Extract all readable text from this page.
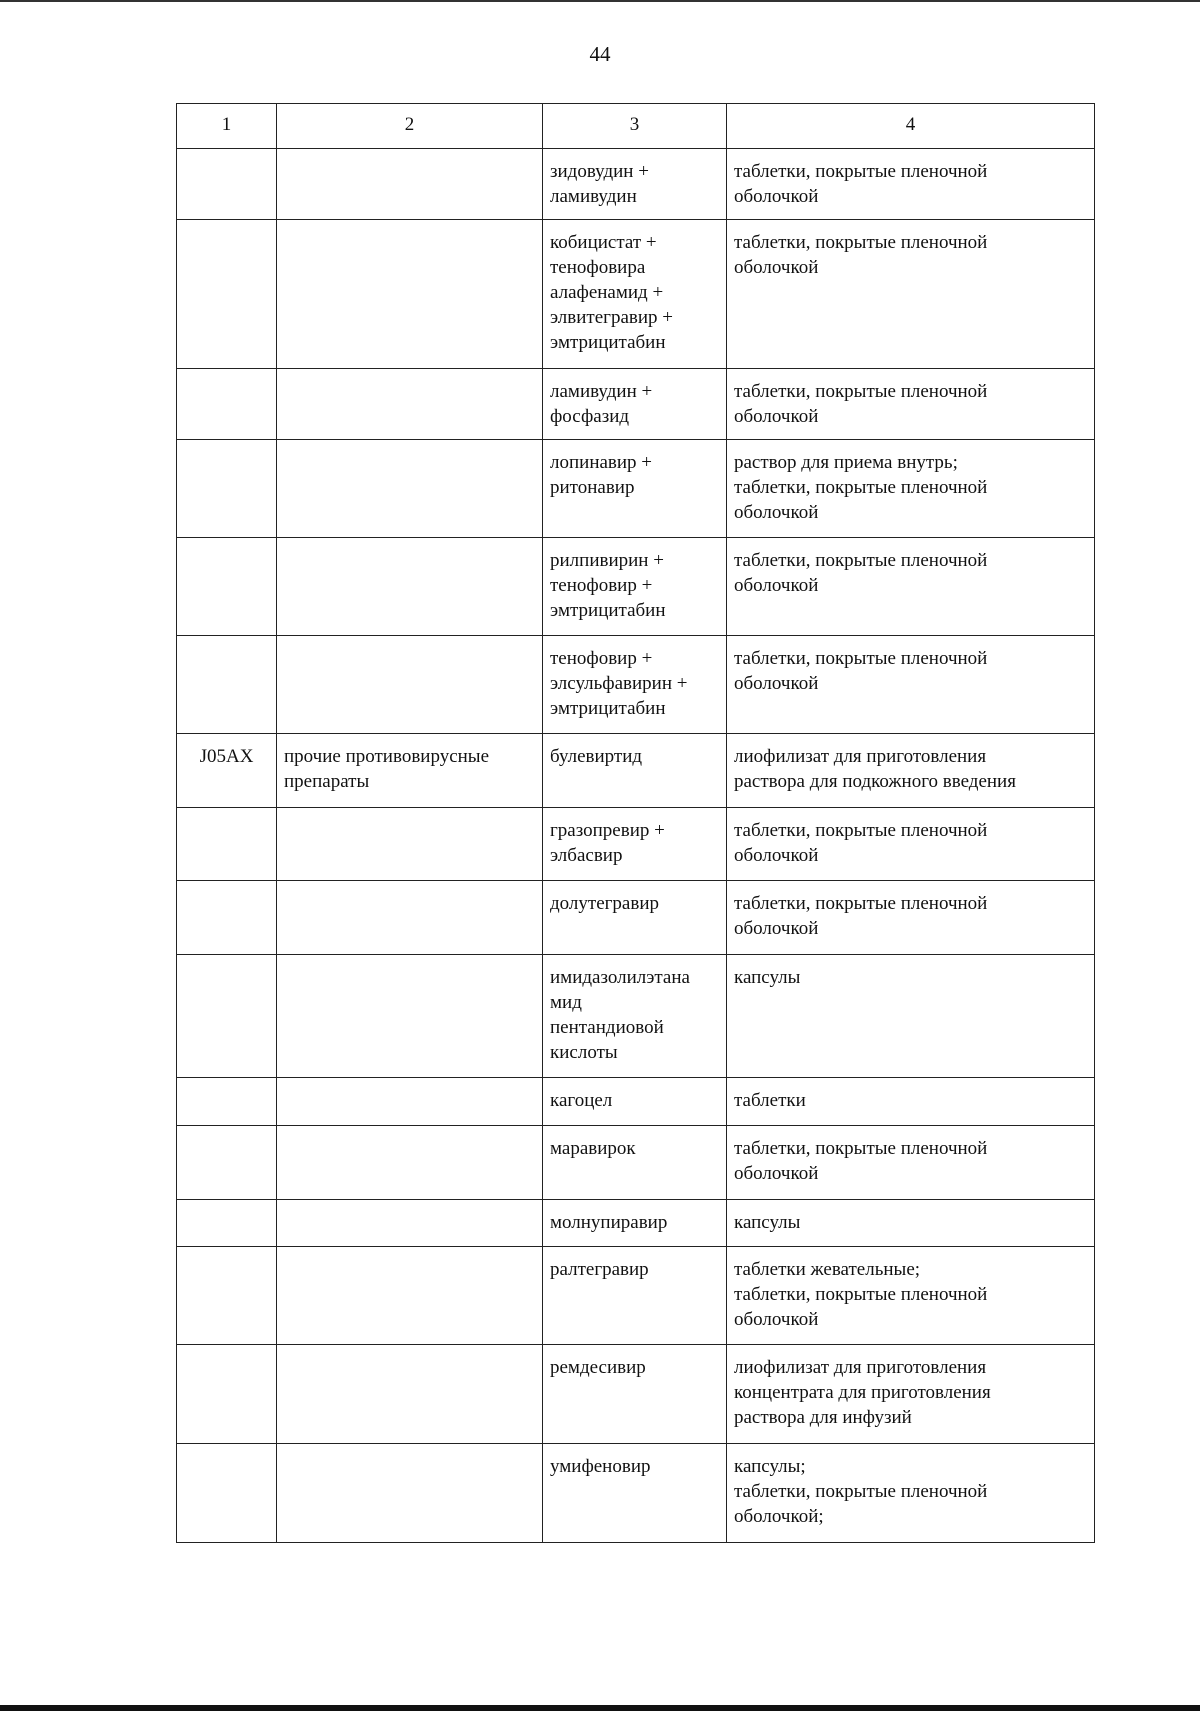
44
1	2	3	4
		зидовудин +
ламивудин	таблетки, покрытые пленочной
оболочкой
		кобицистат +
тенофовира
алафенамид +
элвитегравир +
эмтрицитабин	таблетки, покрытые пленочной
оболочкой
		ламивудин +
фосфазид	таблетки, покрытые пленочной
оболочкой
		лопинавир +
ритонавир	раствор для приема внутрь;
таблетки, покрытые пленочной
оболочкой
		рилпивирин +
тенофовир +
эмтрицитабин	таблетки, покрытые пленочной
оболочкой
		тенофовир +
элсульфавирин +
эмтрицитабин	таблетки, покрытые пленочной
оболочкой
J05AX	прочие противовирусные
препараты	булевиртид	лиофилизат для приготовления
раствора для подкожного введения
		гразопревир +
элбасвир	таблетки, покрытые пленочной
оболочкой
		долутегравир	таблетки, покрытые пленочной
оболочкой
		имидазолилэтана
мид
пентандиовой
кислоты	капсулы
		кагоцел	таблетки
		маравирок	таблетки, покрытые пленочной
оболочкой
		молнупиравир	капсулы
		ралтегравир	таблетки жевательные;
таблетки, покрытые пленочной
оболочкой
		ремдесивир	лиофилизат для приготовления
концентрата для приготовления
раствора для инфузий
		умифеновир	капсулы;
таблетки, покрытые пленочной
оболочкой;
